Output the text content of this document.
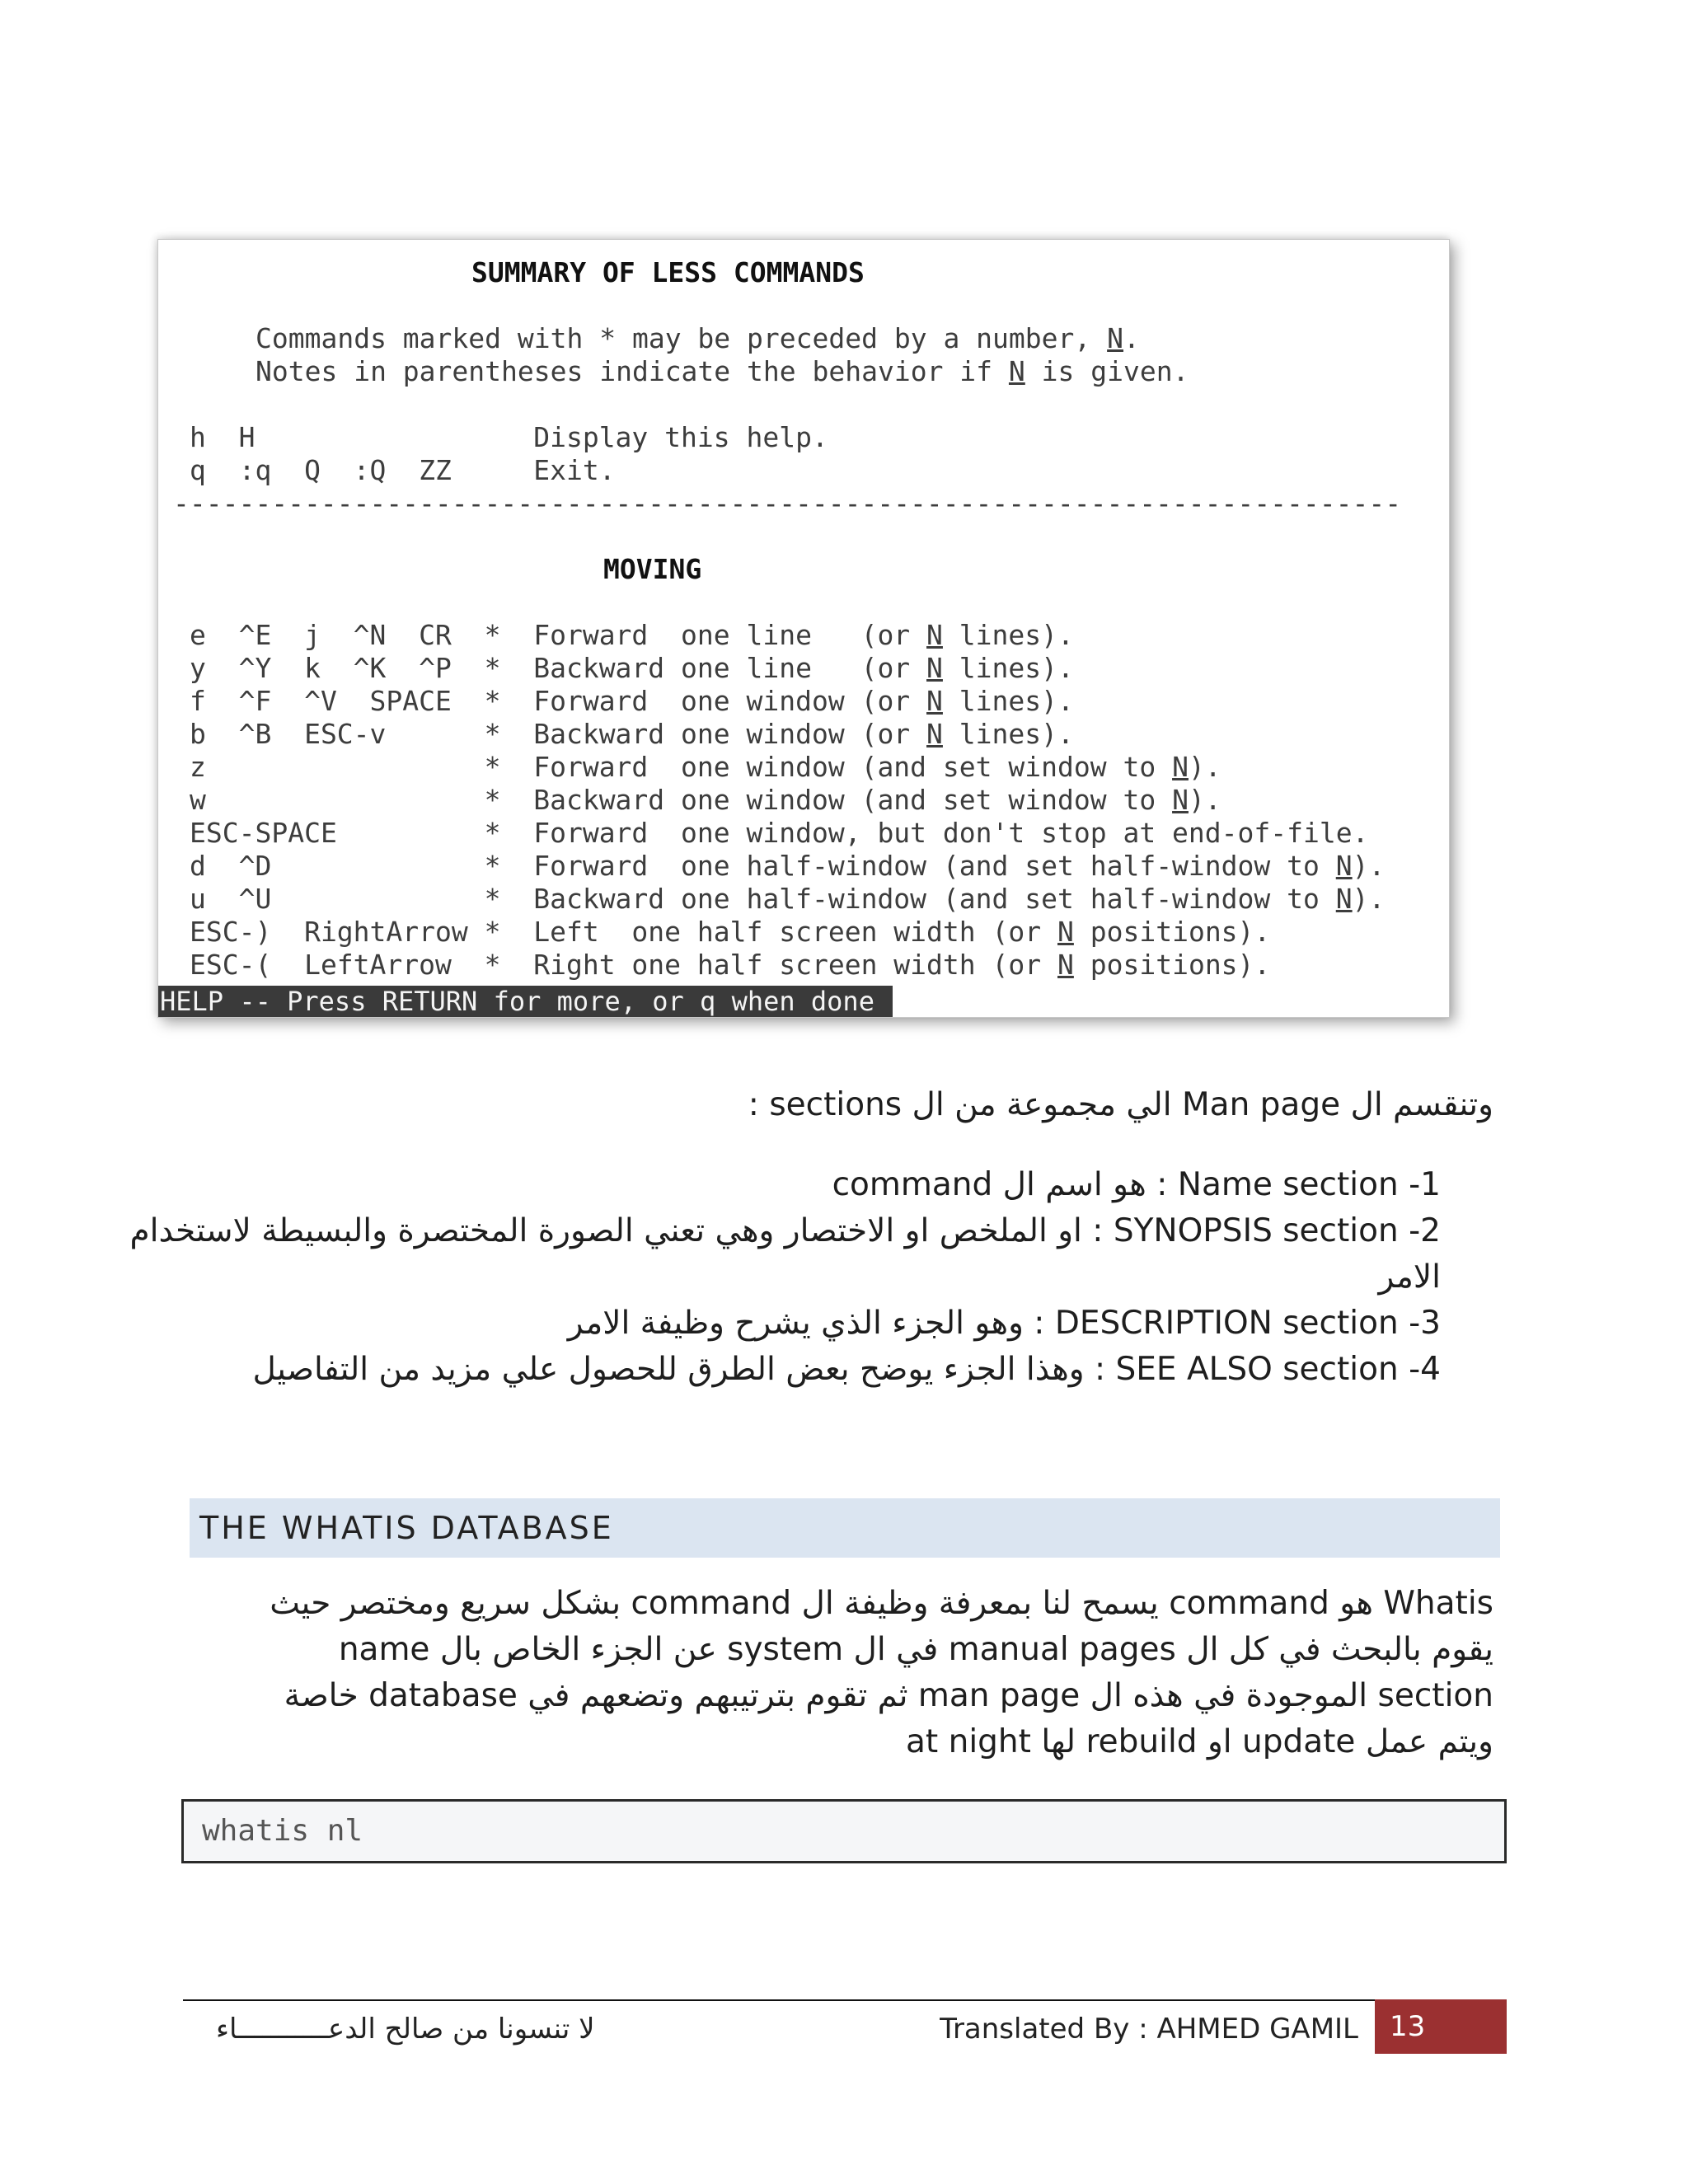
SUMMARY OF LESS COMMANDS

Commands marked with * may be preceded by a number, N.

Notes in parentheses indicate the behavior if N is given.

h  H                 Display this help.

q  :q  Q  :Q  ZZ     Exit.

---------------------------------------------------------------------------

MOVING

e  ^E  j  ^N  CR  *  Forward  one line   (or N lines).
y  ^Y  k  ^K  ^P  *  Backward one line   (or N lines).
f  ^F  ^V  SPACE  *  Forward  one window (or N lines).
b  ^B  ESC-v      *  Backward one window (or N lines).
z                 *  Forward  one window (and set window to N).
w                 *  Backward one window (and set window to N).
ESC-SPACE         *  Forward  one window, but don't stop at end-of-file.
d  ^D             *  Forward  one half-window (and set half-window to N).
u  ^U             *  Backward one half-window (and set half-window to N).
ESC-)  RightArrow *  Left  one half screen width (or N positions).
ESC-(  LeftArrow  *  Right one half screen width (or N positions).

HELP -- Press RETURN for more, or q when done

وتنقسم ال Man page الي مجموعة من ال sections :
1- Name section : هو اسم ال command
2- SYNOPSIS section : او الملخص او الاختصار وهي تعني الصورة المختصرة والبسيطة لاستخدام الامر
3- DESCRIPTION section : وهو الجزء الذي يشرح وظيفة الامر
4- SEE ALSO section : وهذا الجزء يوضح بعض الطرق للحصول علي مزيد من التفاصيل
THE WHATIS DATABASE
Whatis هو command يسمح لنا بمعرفة وظيفة ال command بشكل سريع ومختصر حيث
يقوم بالبحث في كل ال manual pages في ال system عن الجزء الخاص بال name
section الموجودة في هذه ال man page ثم تقوم بترتيبهم وتضعهم في database خاصة
ويتم عمل update او rebuild لها at night
whatis nl
لا تنسونا من صالح الدعـــــــــــاء	Translated By : AHMED GAMIL	13
